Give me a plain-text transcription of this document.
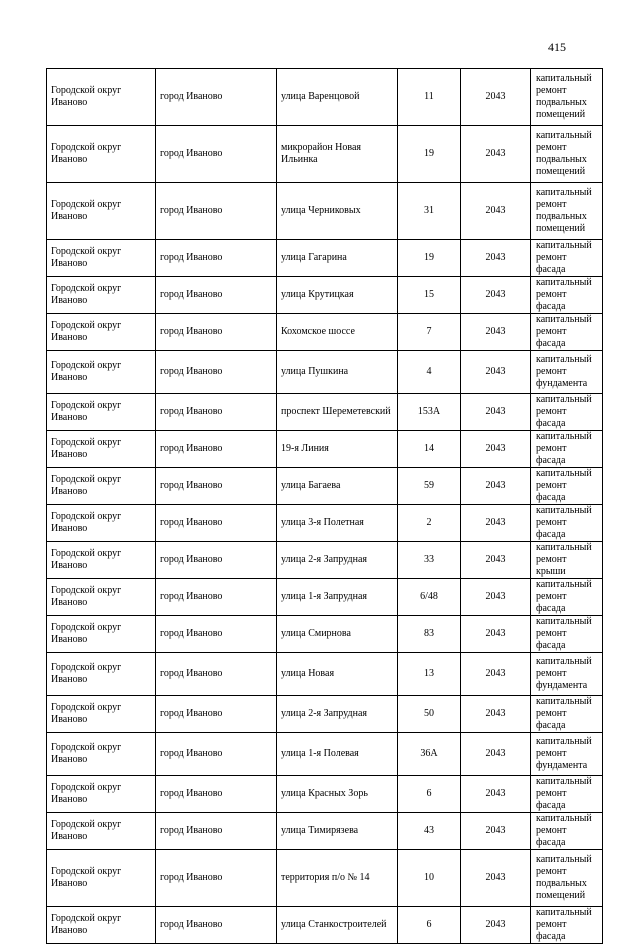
415
Городской округ Иваново	город Иваново	улица Варенцовой	11	2043	капитальный ремонт подвальных помещений
Городской округ Иваново	город Иваново	микрорайон Новая Ильинка	19	2043	капитальный ремонт подвальных помещений
Городской округ Иваново	город Иваново	улица Черниковых	31	2043	капитальный ремонт подвальных помещений
Городской округ Иваново	город Иваново	улица Гагарина	19	2043	капитальный ремонт фасада
Городской округ Иваново	город Иваново	улица Крутицкая	15	2043	капитальный ремонт фасада
Городской округ Иваново	город Иваново	Кохомское шоссе	7	2043	капитальный ремонт фасада
Городской округ Иваново	город Иваново	улица Пушкина	4	2043	капитальный ремонт фундамента
Городской округ Иваново	город Иваново	проспект Шереметевский	153А	2043	капитальный ремонт фасада
Городской округ Иваново	город Иваново	19-я Линия	14	2043	капитальный ремонт фасада
Городской округ Иваново	город Иваново	улица Багаева	59	2043	капитальный ремонт фасада
Городской округ Иваново	город Иваново	улица 3-я Полетная	2	2043	капитальный ремонт фасада
Городской округ Иваново	город Иваново	улица 2-я Запрудная	33	2043	капитальный ремонт крыши
Городской округ Иваново	город Иваново	улица 1-я Запрудная	6/48	2043	капитальный ремонт фасада
Городской округ Иваново	город Иваново	улица Смирнова	83	2043	капитальный ремонт фасада
Городской округ Иваново	город Иваново	улица Новая	13	2043	капитальный ремонт фундамента
Городской округ Иваново	город Иваново	улица 2-я Запрудная	50	2043	капитальный ремонт фасада
Городской округ Иваново	город Иваново	улица 1-я Полевая	36А	2043	капитальный ремонт фундамента
Городской округ Иваново	город Иваново	улица Красных Зорь	6	2043	капитальный ремонт фасада
Городской округ Иваново	город Иваново	улица Тимирязева	43	2043	капитальный ремонт фасада
Городской округ Иваново	город Иваново	территория п/о № 14	10	2043	капитальный ремонт подвальных помещений
Городской округ Иваново	город Иваново	улица Станкостроителей	6	2043	капитальный ремонт фасада
